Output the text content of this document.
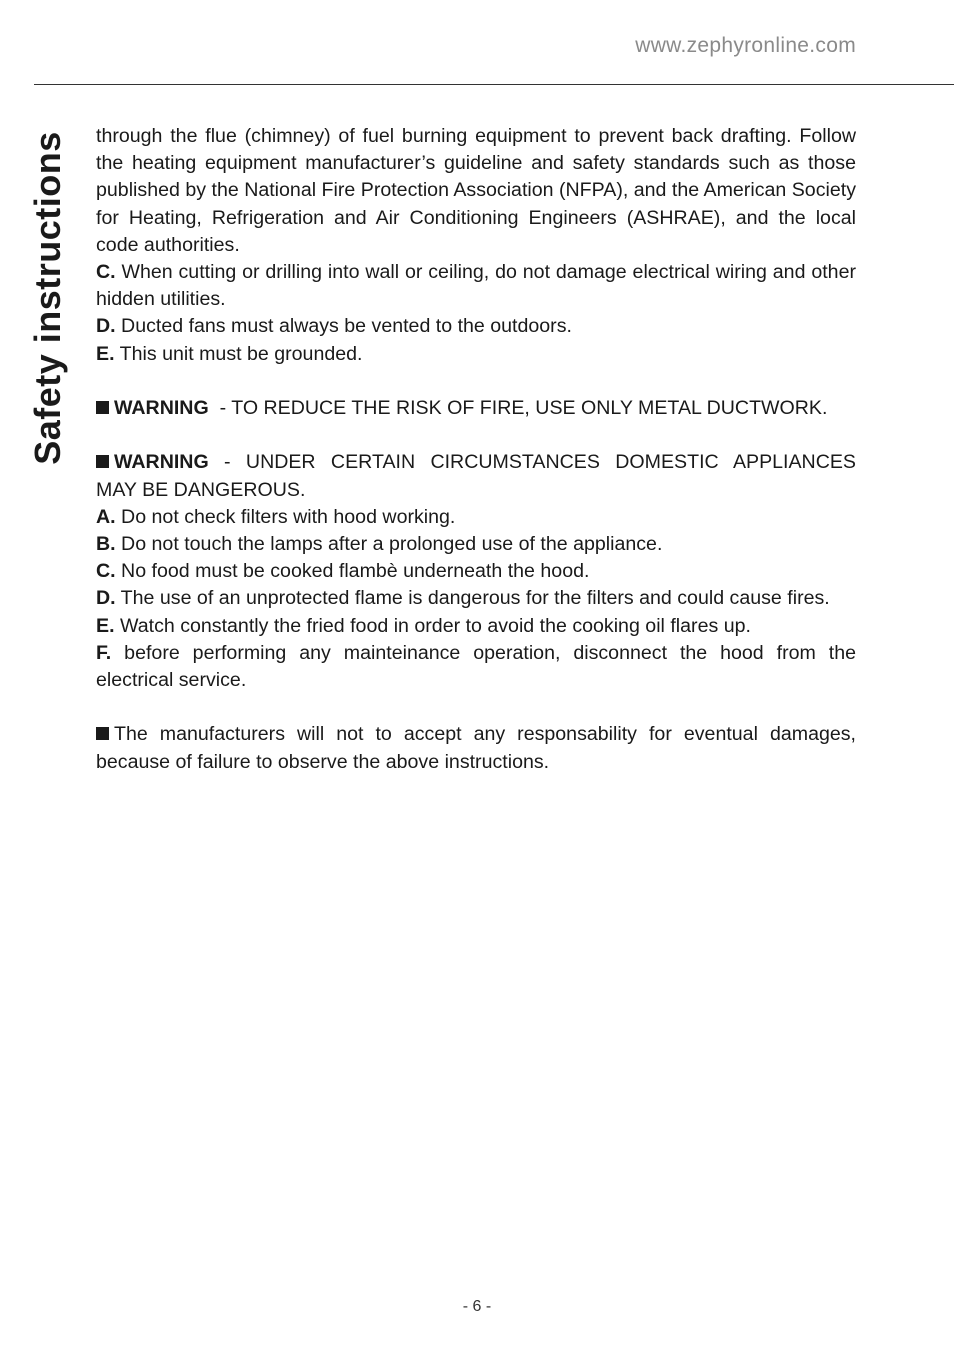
www.zephyronline.com
Safety instructions through the flue (chimney) of fuel burning equipment to prevent back drafting. Follow the heating equipment manufacturer’s guideline and safety standards such as those published by the National Fire Protection Association (NFPA), and the American Society for Heating, Refrigeration and Air Conditioning Engineers (ASHRAE), and the local code authorities.

C. When cutting or drilling into wall or ceiling, do not damage electrical wiring and other hidden utilities.

D. Ducted fans must always be vented to the outdoors.

E. This unit must be grounded.

WARNING  - TO REDUCE THE RISK OF FIRE, USE ONLY METAL DUCTWORK.

WARNING - UNDER CERTAIN CIRCUMSTANCES DOMESTIC APPLIANCES    MAY BE DANGEROUS.

A. Do not check filters with hood working.

B. Do not touch the lamps after a prolonged use of the appliance.

C. No food must be cooked flambè underneath the hood.

D. The use of an unprotected flame is dangerous for the filters and could cause fires.

E. Watch constantly the fried food in order to avoid the cooking oil flares up.

F. before performing any mainteinance operation, disconnect the hood from the electrical service.

The manufacturers will not to accept any responsability for eventual damages, because of failure to observe the above instructions.

- 6 -
